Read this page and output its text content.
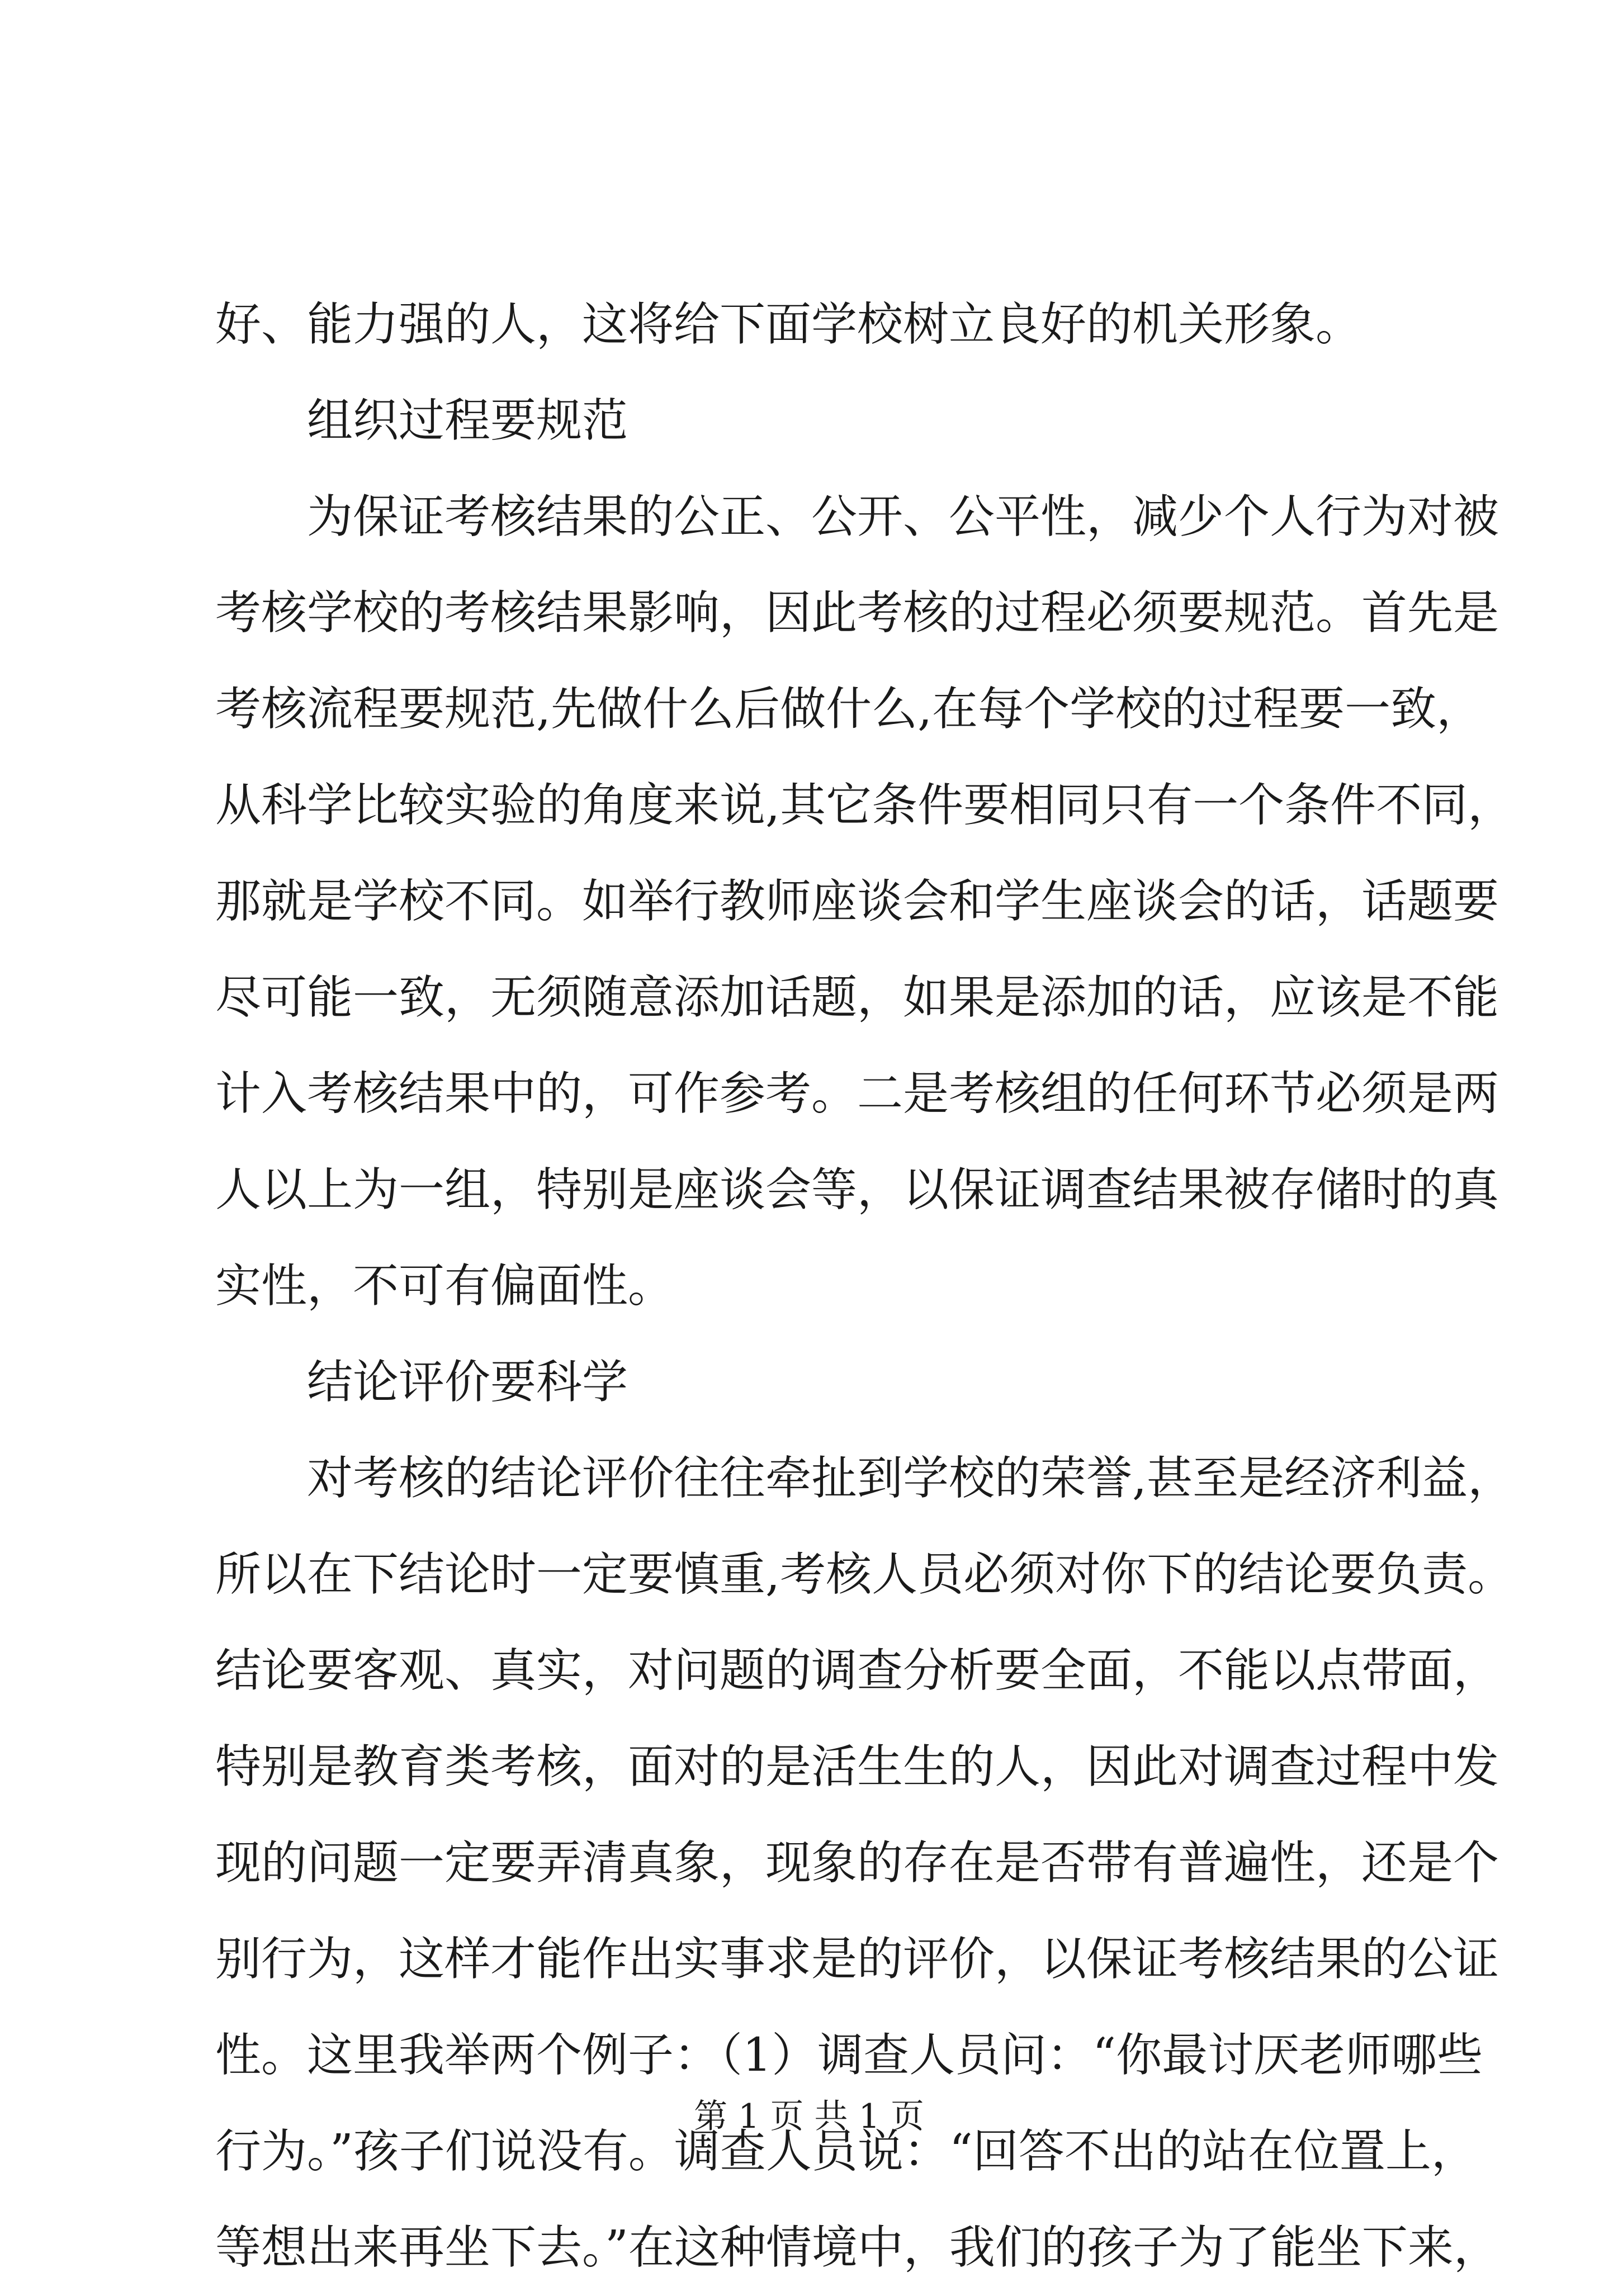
好、能力强的人，这将给下面学校树立良好的机关形象。
组织过程要规范
为保证考核结果的公正、公开、公平性，减少个人行为对被
考核学校的考核结果影响，因此考核的过程必须要规范。首先是
考核流程要规范,先做什么后做什么,在每个学校的过程要一致，
从科学比较实验的角度来说,其它条件要相同只有一个条件不同，
那就是学校不同。如举行教师座谈会和学生座谈会的话，话题要
尽可能一致，无须随意添加话题，如果是添加的话，应该是不能
计入考核结果中的，可作参考。二是考核组的任何环节必须是两
人以上为一组，特别是座谈会等，以保证调查结果被存储时的真
实性，不可有偏面性。
结论评价要科学
对考核的结论评价往往牵扯到学校的荣誉,甚至是经济利益，
所以在下结论时一定要慎重,考核人员必须对你下的结论要负责。
结论要客观、真实，对问题的调查分析要全面，不能以点带面，
特别是教育类考核，面对的是活生生的人，因此对调查过程中发
现的问题一定要弄清真象，现象的存在是否带有普遍性，还是个
别行为，这样才能作出实事求是的评价，以保证考核结果的公证
性。这里我举两个例子：（1）调查人员问：“你最讨厌老师哪些
行为。”孩子们说没有。调查人员说：“回答不出的站在位置上，
等想出来再坐下去。”在这种情境中，我们的孩子为了能坐下来，
第 1 页 共 1 页
